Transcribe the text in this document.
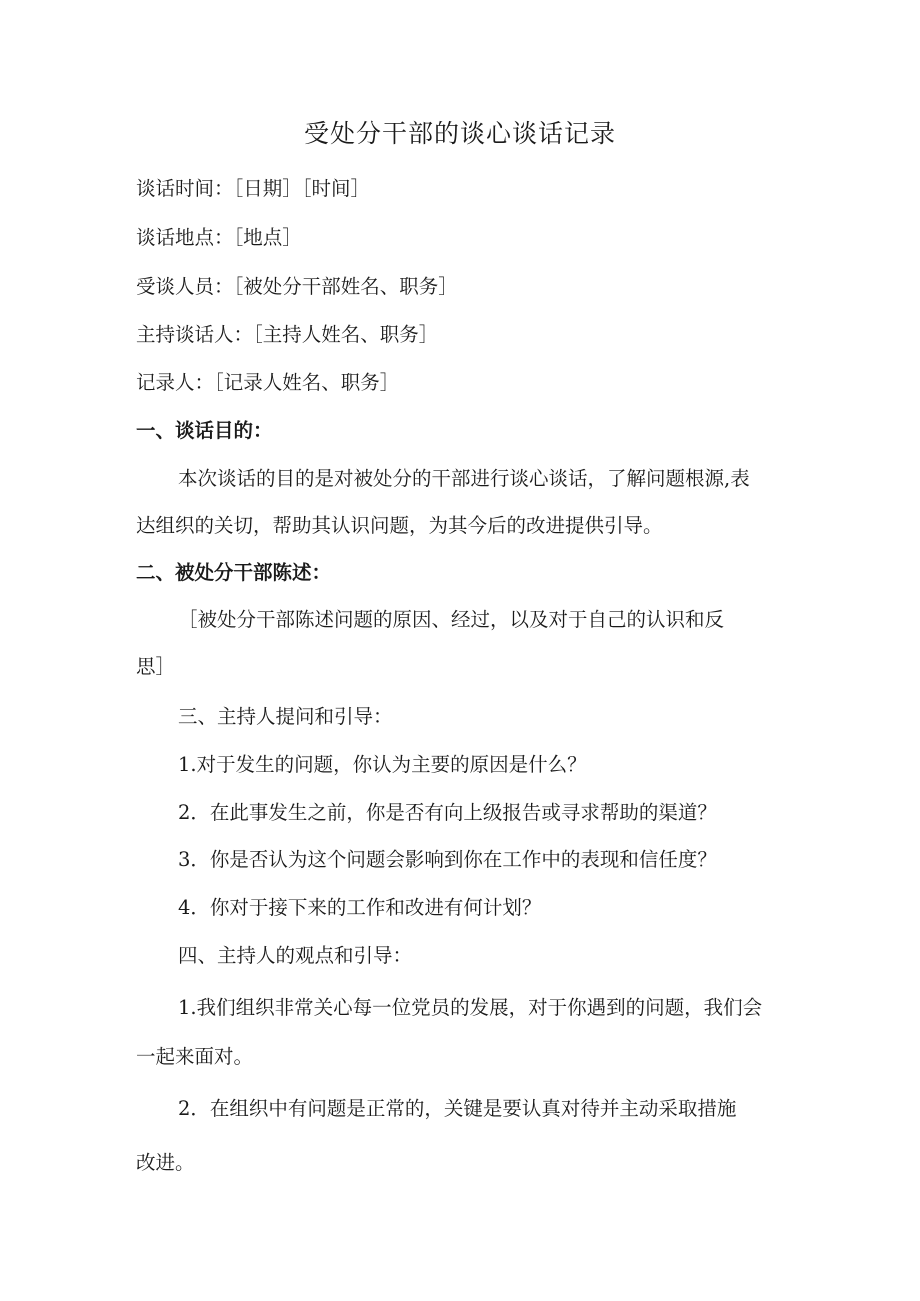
受处分干部的谈心谈话记录
谈话时间：［日期］［时间］
谈话地点：［地点］
受谈人员：［被处分干部姓名、职务］
主持谈话人：［主持人姓名、职务］
记录人：［记录人姓名、职务］
一、谈话目的：
本次谈话的目的是对被处分的干部进行谈心谈话，了解问题根源,表
达组织的关切，帮助其认识问题，为其今后的改进提供引导。
二、被处分干部陈述：
［被处分干部陈述问题的原因、经过，以及对于自己的认识和反
思］
三、主持人提问和引导：
1.对于发生的问题，你认为主要的原因是什么？
2．在此事发生之前，你是否有向上级报告或寻求帮助的渠道？
3．你是否认为这个问题会影响到你在工作中的表现和信任度？
4．你对于接下来的工作和改进有何计划？
四、主持人的观点和引导：
1.我们组织非常关心每一位党员的发展，对于你遇到的问题，我们会
一起来面对。
2．在组织中有问题是正常的，关键是要认真对待并主动采取措施
改进。
